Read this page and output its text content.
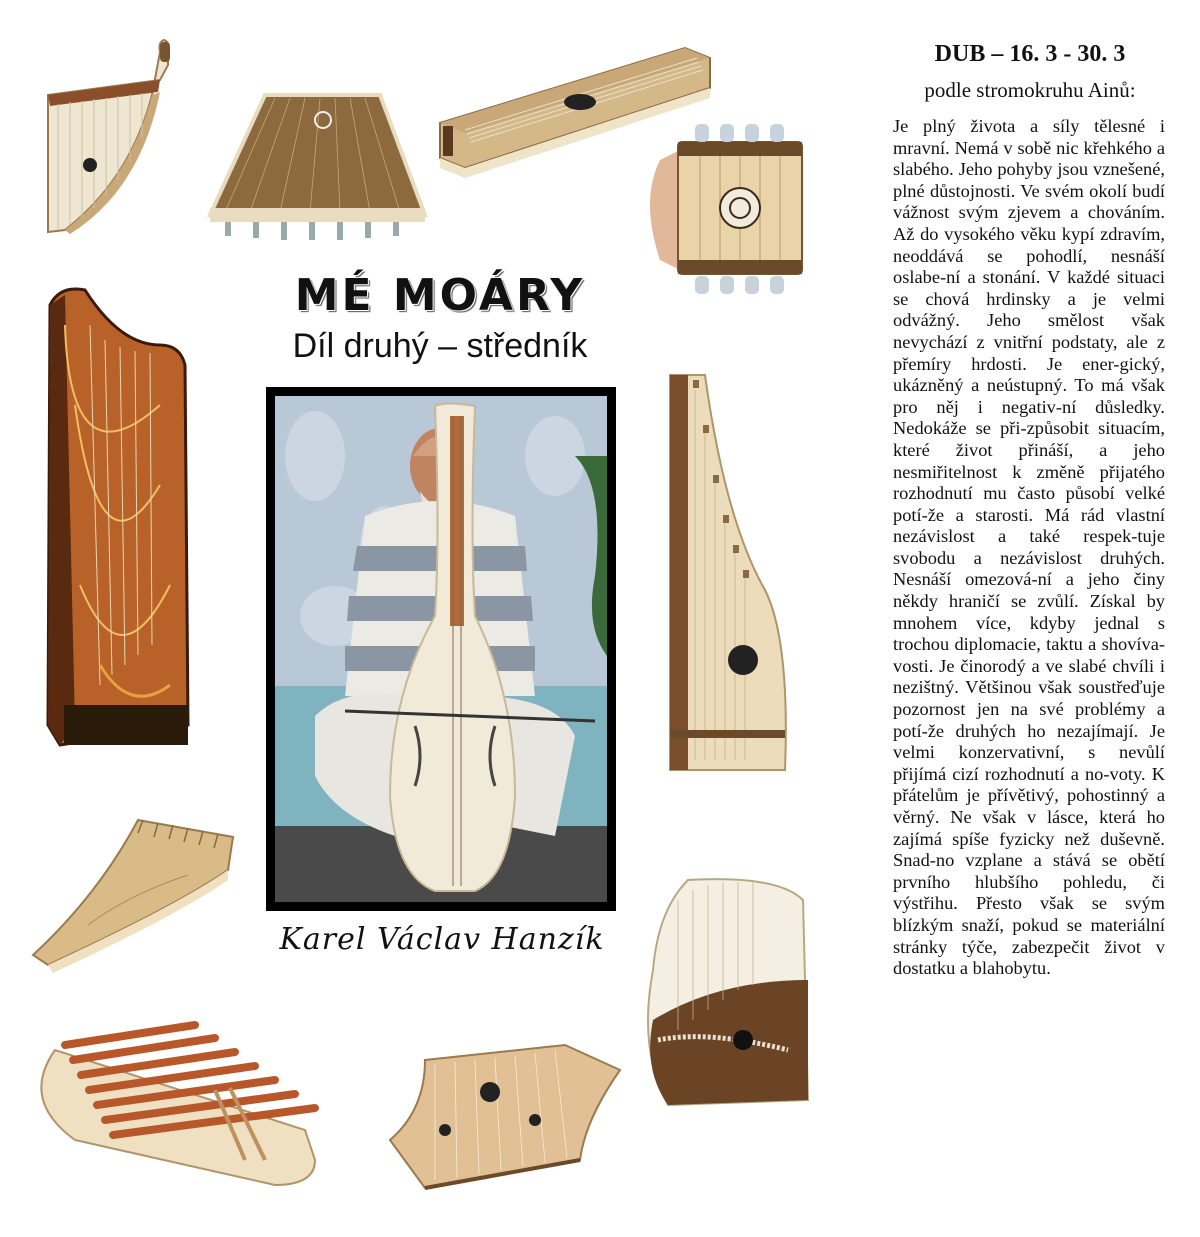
MÉ MOÁRY

Díl druhý – středník

Karel Václav Hanzík

DUB – 16. 3 - 30. 3

podle stromokruhu Ainů:

Je plný života a síly tělesné i mravní. Nemá v sobě nic křehkého a slabého. Jeho pohyby jsou vznešené, plné důstojnosti. Ve svém okolí budí vážnost svým zjevem a chováním. Až do vysokého věku kypí zdravím, neoddává se pohodlí, nesnáší oslabe-ní a stonání. V každé situaci se chová hrdinsky a je velmi odvážný. Jeho smělost však nevychází z vnitřní podstaty, ale z přemíry hrdosti. Je ener-gický, ukázněný a neústupný. To má však pro něj i negativ-ní důsledky. Nedokáže se při-způsobit situacím, které život přináší, a jeho nesmiřitelnost k změně přijatého rozhodnutí mu často působí velké potí-že a starosti. Má rád vlastní nezávislost a také respek-tuje svobodu a nezávislost druhých. Nesnáší omezová-ní a jeho činy někdy hraničí se zvůlí. Získal by mnohem více, kdyby jednal s trochou diplomacie, taktu a shovíva-vosti. Je činorodý a ve slabé chvíli i nezištný. Většinou však soustřeďuje pozornost jen na své problémy a potí-že druhých ho nezajímají. Je velmi konzervativní, s nevůlí přijímá cizí rozhodnutí a no-voty. K přátelům je přívětivý, pohostinný a věrný. Ne však v lásce, která ho zajímá spíše fyzicky než duševně. Snad-no vzplane a stává se obětí prvního hlubšího pohledu, či výstřihu. Přesto však se svým blízkým snaží, pokud se materiální stránky týče, zabezpečit život v dostatku a blahobytu.
